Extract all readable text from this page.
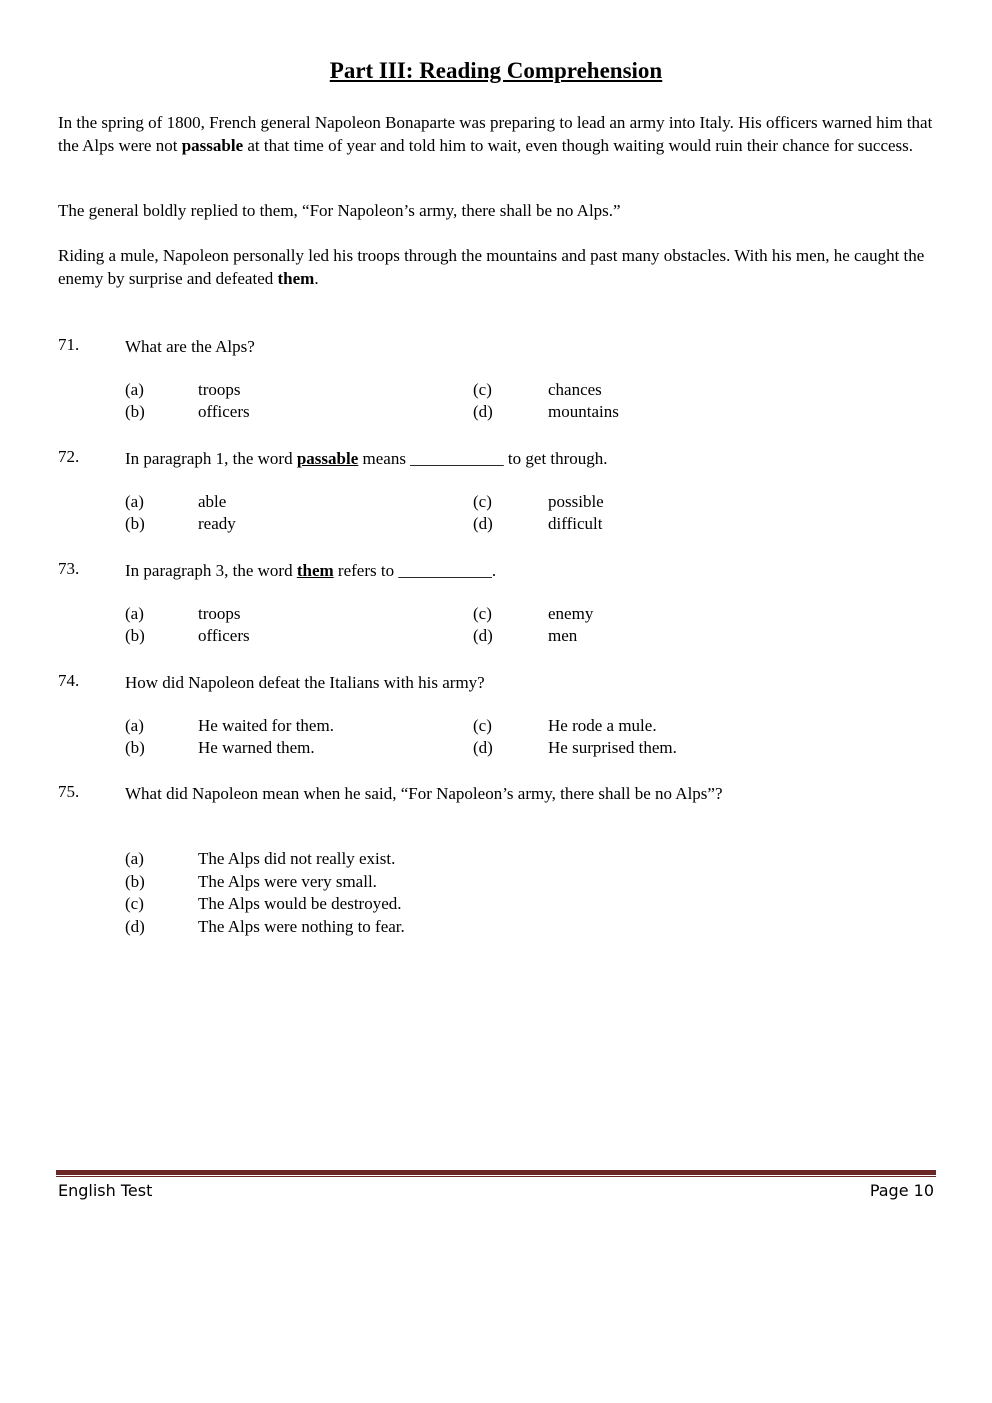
Part III: Reading Comprehension

In the spring of 1800, French general Napoleon Bonaparte was preparing to lead an army into Italy. His officers warned him that the Alps were not passable at that time of year and told him to wait, even though waiting would ruin their chance for success.

The general boldly replied to them, “For Napoleon’s army, there shall be no Alps.”

Riding a mule, Napoleon personally led his troops through the mountains and past many obstacles. With his men, he caught the enemy by surprise and defeated them.

71.	What are the Alps?
(a)	troops
(b)	officers
(c)	chances
(d)	mountains
72.	In paragraph 1, the word passable means ___________ to get through.
(a)	able
(b)	ready
(c)	possible
(d)	difficult
73.	In paragraph 3, the word them refers to ___________.
(a)	troops
(b)	officers
(c)	enemy
(d)	men
74.	How did Napoleon defeat the Italians with his army?
(a)	He waited for them.
(b)	He warned them.
(c)	He rode a mule.
(d)	He surprised them.
75.	What did Napoleon mean when he said, “For Napoleon’s army, there shall be no Alps”?
(a)	The Alps did not really exist.
(b)	The Alps were very small.
(c)	The Alps would be destroyed.
(d)	The Alps were nothing to fear.
English Test	Page 10
